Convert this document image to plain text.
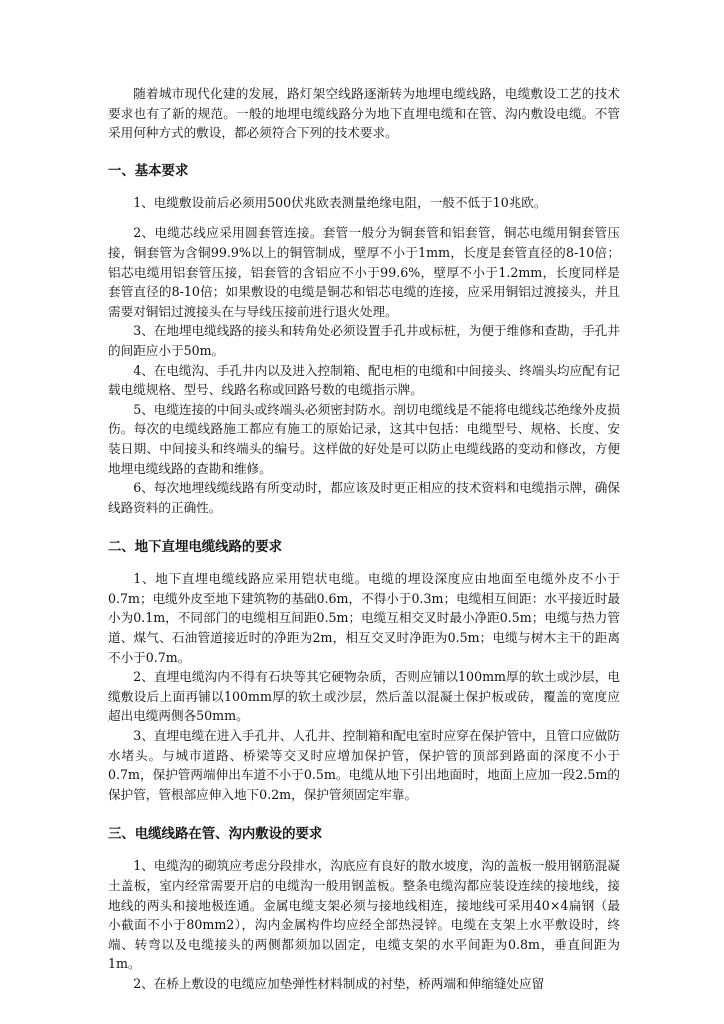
随着城市现代化建的发展，路灯架空线路逐渐转为地埋电缆线路，电缆敷设工艺的技术要求也有了新的规范。一般的地埋电缆线路分为地下直埋电缆和在管、沟内敷设电缆。不管采用何种方式的敷设，都必须符合下列的技术要求。

一、基本要求

1、电缆敷设前后必须用500伏兆欧表测量绝缘电阻，一般不低于10兆欧。

2、电缆芯线应采用圆套管连接。套管一般分为铜套管和铝套管，铜芯电缆用铜套管压接，铜套管为含铜99.9%以上的铜管制成，壁厚不小于1mm，长度是套管直径的8-10倍；铝芯电缆用铝套管压接，铝套管的含铝应不小于99.6%，壁厚不小于1.2mm，长度同样是套管直径的8-10倍；如果敷设的电缆是铜芯和铝芯电缆的连接，应采用铜铝过渡接头，并且需要对铜铝过渡接头在与导线压接前进行退火处理。

3、在地埋电缆线路的接头和转角处必须设置手孔井或标桩，为便于维修和查勘，手孔井的间距应小于50m。

4、在电缆沟、手孔井内以及进入控制箱、配电柜的电缆和中间接头、终端头均应配有记载电缆规格、型号、线路名称或回路号数的电缆指示牌。

5、电缆连接的中间头或终端头必须密封防水。剖切电缆线是不能将电缆线芯绝缘外皮损伤。每次的电缆线路施工都应有施工的原始记录，这其中包括：电缆型号、规格、长度、安装日期、中间接头和终端头的编号。这样做的好处是可以防止电缆线路的变动和修改，方便地埋电缆线路的查勘和维修。

6、每次地埋线缆线路有所变动时，都应该及时更正相应的技术资料和电缆指示牌，确保线路资料的正确性。

二、地下直埋电缆线路的要求

1、地下直埋电缆线路应采用铠状电缆。电缆的埋设深度应由地面至电缆外皮不小于0.7m；电缆外皮至地下建筑物的基础0.6m，不得小于0.3m；电缆相互间距：水平接近时最小为0.1m，不同部门的电缆相互间距0.5m；电缆互相交叉时最小净距0.5m；电缆与热力管道、煤气、石油管道接近时的净距为2m，相互交叉时净距为0.5m；电缆与树木主干的距离不小于0.7m。

2、直埋电缆沟内不得有石块等其它硬物杂质，否则应铺以100mm厚的软土或沙层，电缆敷设后上面再铺以100mm厚的软土或沙层，然后盖以混凝土保护板或砖，覆盖的宽度应超出电缆两侧各50mm。

3、直埋电缆在进入手孔井、人孔井、控制箱和配电室时应穿在保护管中，且管口应做防水堵头。与城市道路、桥梁等交叉时应增加保护管，保护管的顶部到路面的深度不小于0.7m，保护管两端伸出车道不小于0.5m。电缆从地下引出地面时，地面上应加一段2.5m的保护管，管根部应伸入地下0.2m，保护管须固定牢靠。

三、电缆线路在管、沟内敷设的要求

1、电缆沟的砌筑应考虑分段排水，沟底应有良好的散水坡度，沟的盖板一般用钢筋混凝土盖板，室内经常需要开启的电缆沟一般用钢盖板。整条电缆沟都应装设连续的接地线，接地线的两头和接地极连通。金属电缆支架必须与接地线相连，接地线可采用40×4扁钢（最小截面不小于80mm2），沟内金属构件均应经全部热浸锌。电缆在支架上水平敷设时，终端、转弯以及电缆接头的两侧都须加以固定，电缆支架的水平间距为0.8m，垂直间距为1m。

2、在桥上敷设的电缆应加垫弹性材料制成的衬垫，桥两端和伸缩缝处应留
